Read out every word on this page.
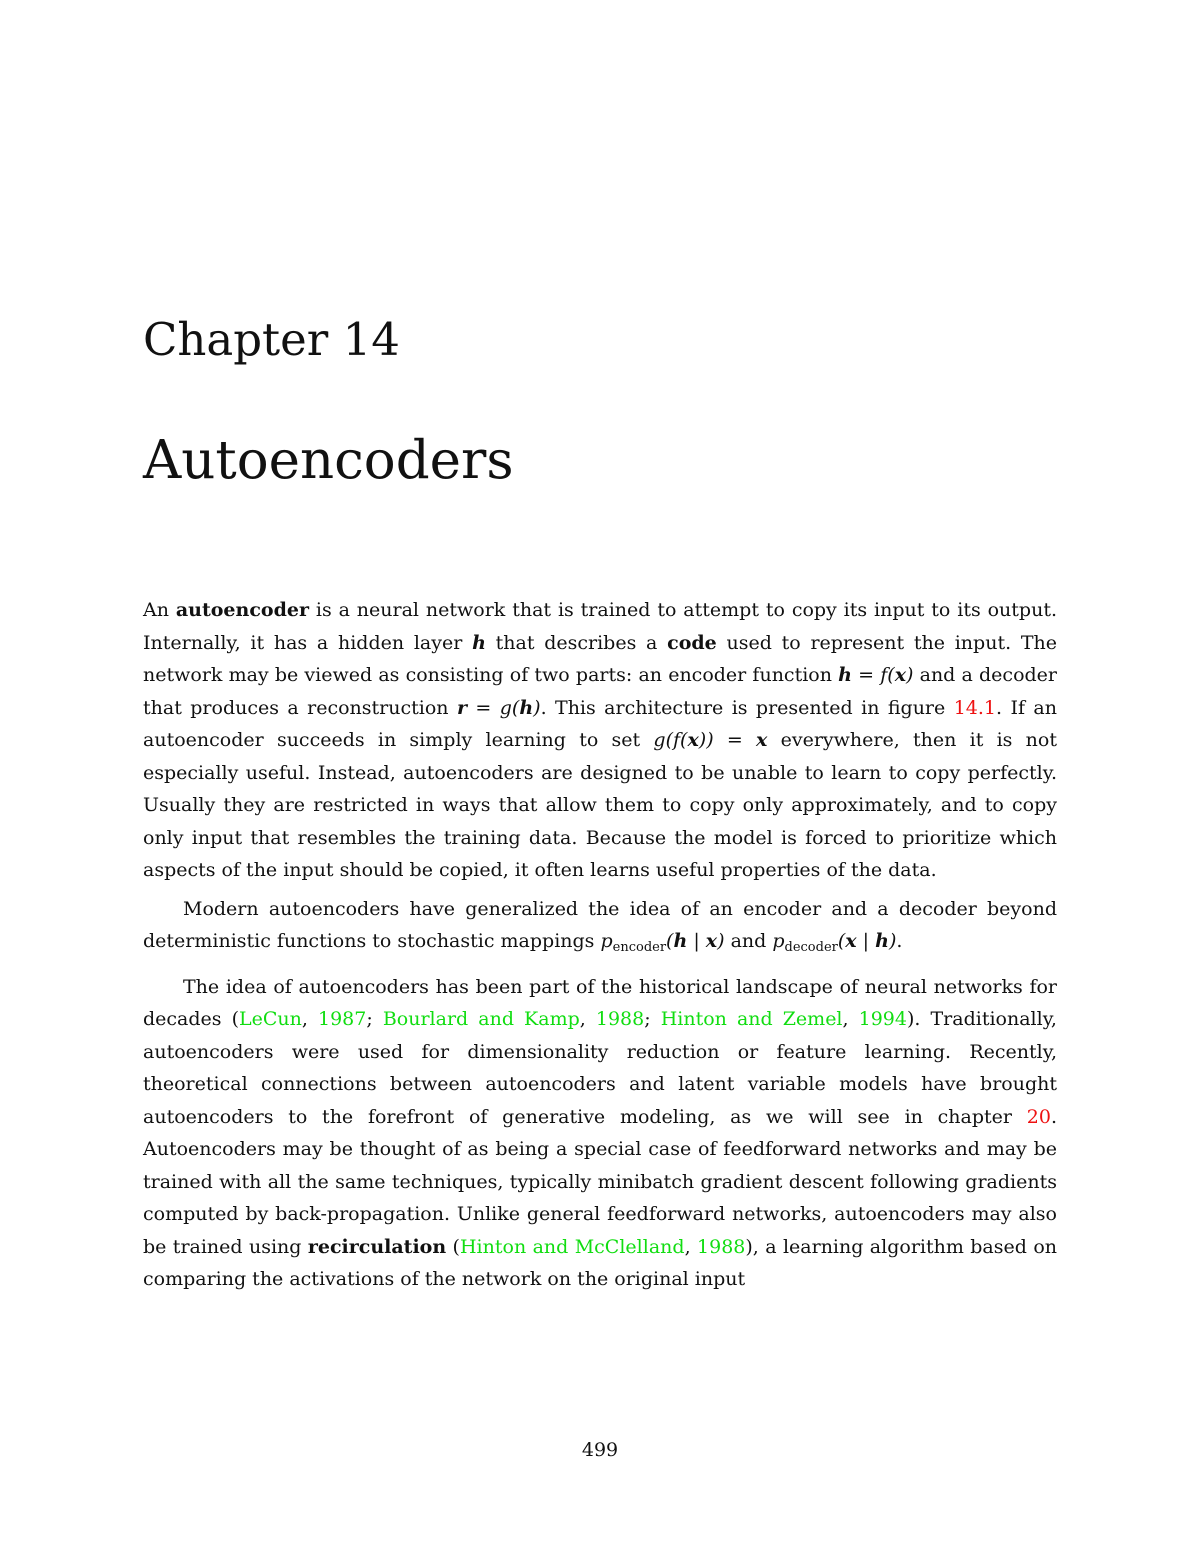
Chapter 14
Autoencoders

An autoencoder is a neural network that is trained to attempt to copy its input to its output. Internally, it has a hidden layer h that describes a code used to represent the input. The network may be viewed as consisting of two parts: an encoder function h = f(x) and a decoder that produces a reconstruction r = g(h). This architecture is presented in figure 14.1. If an autoencoder succeeds in simply learning to set g(f(x)) = x everywhere, then it is not especially useful. Instead, autoencoders are designed to be unable to learn to copy perfectly. Usually they are restricted in ways that allow them to copy only approximately, and to copy only input that resembles the training data. Because the model is forced to prioritize which aspects of the input should be copied, it often learns useful properties of the data.

Modern autoencoders have generalized the idea of an encoder and a decoder beyond deterministic functions to stochastic mappings $p_{encoder}(h$ | x) and $p_{decoder}(x$ | h).

The idea of autoencoders has been part of the historical landscape of neural networks for decades (LeCun, 1987; Bourlard and Kamp, 1988; Hinton and Zemel, 1994). Traditionally, autoencoders were used for dimensionality reduction or feature learning. Recently, theoretical connections between autoencoders and latent variable models have brought autoencoders to the forefront of generative modeling, as we will see in chapter 20. Autoencoders may be thought of as being a special case of feedforward networks and may be trained with all the same techniques, typically minibatch gradient descent following gradients computed by back-propagation. Unlike general feedforward networks, autoencoders may also be trained using recirculation (Hinton and McClelland, 1988), a learning algorithm based on comparing the activations of the network on the original input

499
